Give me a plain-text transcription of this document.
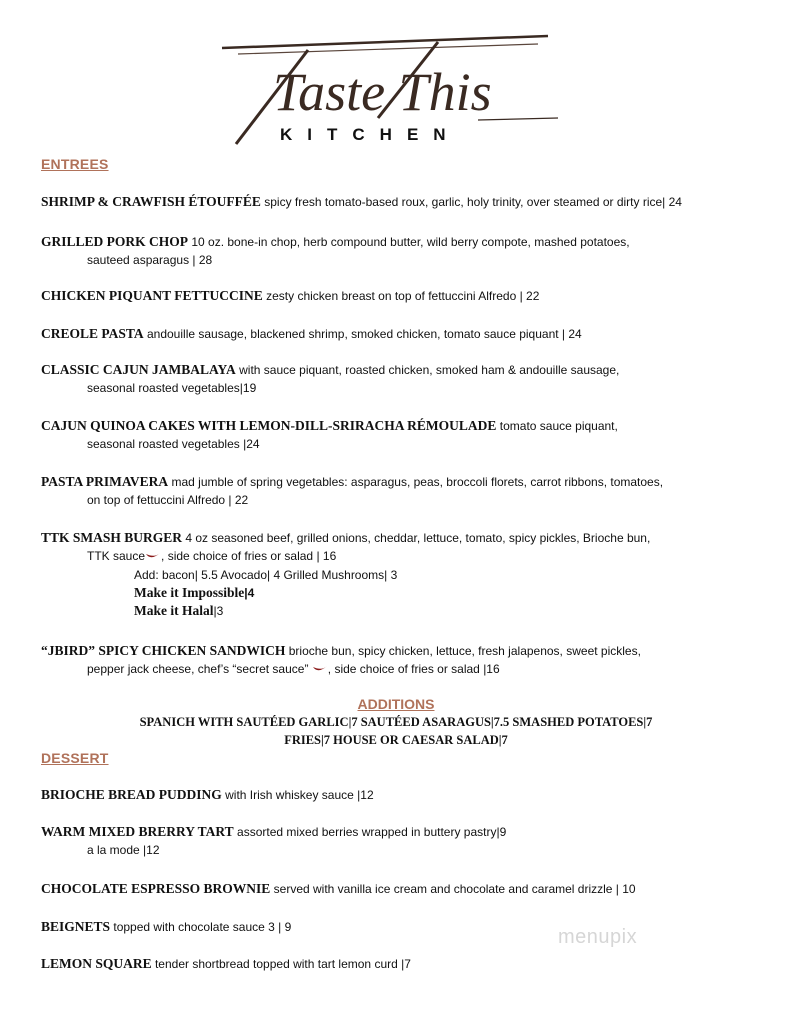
Taste This
KITCHEN
ENTREES
SHRIMP & CRAWFISH ÉTOUFFÉE spicy fresh tomato-based roux, garlic, holy trinity, over steamed or dirty rice| 24
GRILLED PORK CHOP 10 oz. bone-in chop, herb compound butter, wild berry compote, mashed potatoes,
sauteed asparagus | 28
CHICKEN PIQUANT FETTUCCINE zesty chicken breast on top of fettuccini Alfredo | 22
CREOLE PASTA andouille sausage, blackened shrimp, smoked chicken, tomato sauce piquant | 24
CLASSIC CAJUN JAMBALAYA with sauce piquant, roasted chicken, smoked ham & andouille sausage,
seasonal roasted vegetables|19
CAJUN QUINOA CAKES WITH LEMON-DILL-SRIRACHA RÉMOULADE tomato sauce piquant,
seasonal roasted vegetables |24
PASTA PRIMAVERA mad jumble of spring vegetables: asparagus, peas, broccoli florets, carrot ribbons, tomatoes,
on top of fettuccini Alfredo | 22
TTK SMASH BURGER 4 oz seasoned beef, grilled onions, cheddar, lettuce, tomato, spicy pickles, Brioche bun,
TTK sauce , side choice of fries or salad | 16
Add: bacon| 5.5 Avocado| 4 Grilled Mushrooms| 3
Make it Impossible|4
Make it Halal|3
“JBIRD” SPICY CHICKEN SANDWICH brioche bun, spicy chicken, lettuce, fresh jalapenos, sweet pickles,
pepper jack cheese, chef’s “secret sauce” , side choice of fries or salad |16
ADDITIONS
SPANICH WITH SAUTÉED GARLIC|7 SAUTÉED ASARAGUS|7.5 SMASHED POTATOES|7
FRIES|7 HOUSE OR CAESAR SALAD|7
DESSERT
BRIOCHE BREAD PUDDING with Irish whiskey sauce |12
WARM MIXED BRERRY TART assorted mixed berries wrapped in buttery pastry|9
a la mode |12
CHOCOLATE ESPRESSO BROWNIE served with vanilla ice cream and chocolate and caramel drizzle | 10
BEIGNETS topped with chocolate sauce 3 | 9
LEMON SQUARE tender shortbread topped with tart lemon curd |7
menupix
